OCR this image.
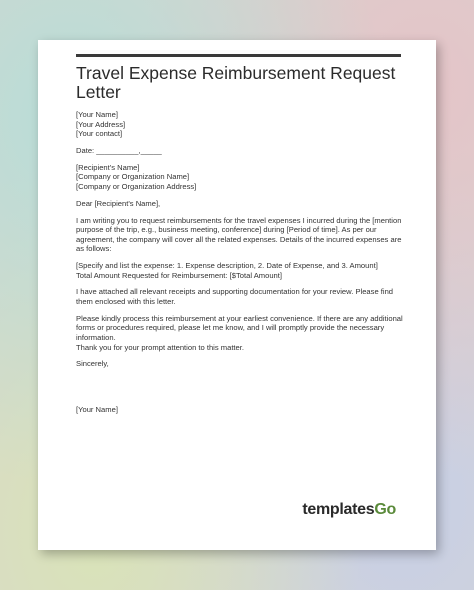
Travel Expense Reimbursement Request Letter

[Your Name]
[Your Address]
[Your contact]

Date: __________,_____

[Recipient's Name]
[Company or Organization Name]
[Company or Organization Address]

Dear [Recipient's Name],

I am writing you to request reimbursements for the travel expenses I incurred during the [mention purpose of the trip, e.g., business meeting, conference] during [Period of time]. As per our agreement, the company will cover all the related expenses. Details of the incurred expenses are as follows:

[Specify and list the expense: 1. Expense description, 2. Date of Expense, and 3. Amount]
Total Amount Requested for Reimbursement: [$Total Amount]

I have attached all relevant receipts and supporting documentation for your review. Please find them enclosed with this letter.

Please kindly process this reimbursement at your earliest convenience. If there are any additional forms or procedures required, please let me know, and I will promptly provide the necessary information.
Thank you for your prompt attention to this matter.

Sincerely,

[Your Name]

templatesGo
